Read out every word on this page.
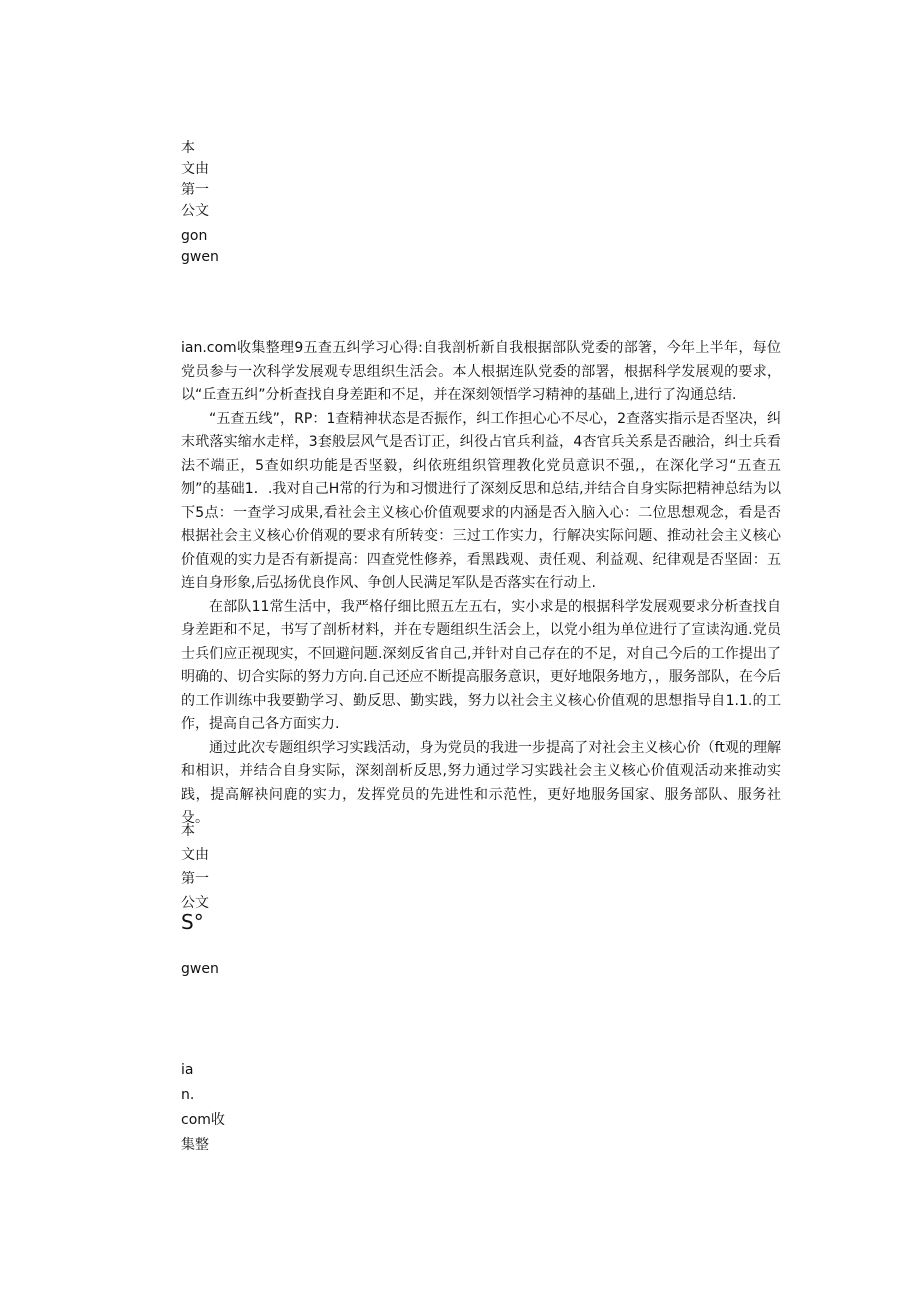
本
文由
第一
公文
gon
gwen

ian.com收集整理9五查五纠学习心得:自我剖析新自我根据部队党委的部箸，今年上半年，每位党员参与一次科学发展观专思组织生活会。本人根据连队党委的部署，根据科学发展观的要求，以“丘查五纠”分析查找自身差距和不足，并在深刻领悟学习精神的基础上,进行了沟通总结.

“五查五线”，RP：1查精神状态是否振作，纠工作担心心不尽心，2查落实指示是否坚决，纠末玳落实缩水走样，3套般层风气是否订正，纠役占官兵利益，4杏官兵关系是否融洽，纠士兵看法不端正，5查如织功能是否坚毅，纠依班组织管理教化党员意识不强,，在深化学习“五查五刎”的基础1．.我对自己H常的行为和习惯进行了深刻反思和总结,并结合自身实际把精神总结为以下5点：一查学习成果,看社会主义核心价值观要求的内涵是否入脑入心：二位思想观念，看是否根据社会主义核心价俏观的要求有所转变：三过工作实力，行解决实际问题、推动社会主义核心价值观的实力是否有新提高：四查党性修养，看黑践观、责任观、利益观、纪律观是否坚固：五连自身形象,后弘扬优良作风、争创人民满足军队是否落实在行动上.

在部队11常生活中，我严格仔细比照五左五右，实小求是的根据科学发展观要求分析查找自身差距和不足，书写了剖析材料，并在专题组织生活会上，以党小组为单位进行了宣读沟通.党员士兵们应正视现实，不回避问题.深刻反省自己,并针对自己存在的不足，对自己今后的工作提出了明确的、切合实际的努力方向.自己还应不断提高服务意识，更好地限务地方，，服务部队，在今后的工作训练中我要勤学习、勤反思、勤实践，努力以社会主义核心价值观的思想指导自1.1.的工作，提高自己各方面实力.

通过此次专题组织学习实践活动，身为党员的我进一步提高了对社会主义核心价（ft观的理解和相识，并结合自身实际，深刻剖析反思,努力通过学习实践社会主义核心价值观活动来推动实践，提高解袂问鹿的实力，发挥党员的先进性和示范性，更好地服务国家、服务部队、服务社殳。

本
文由
第一
公文
S°
gwen
ia
n.
com收
集整
